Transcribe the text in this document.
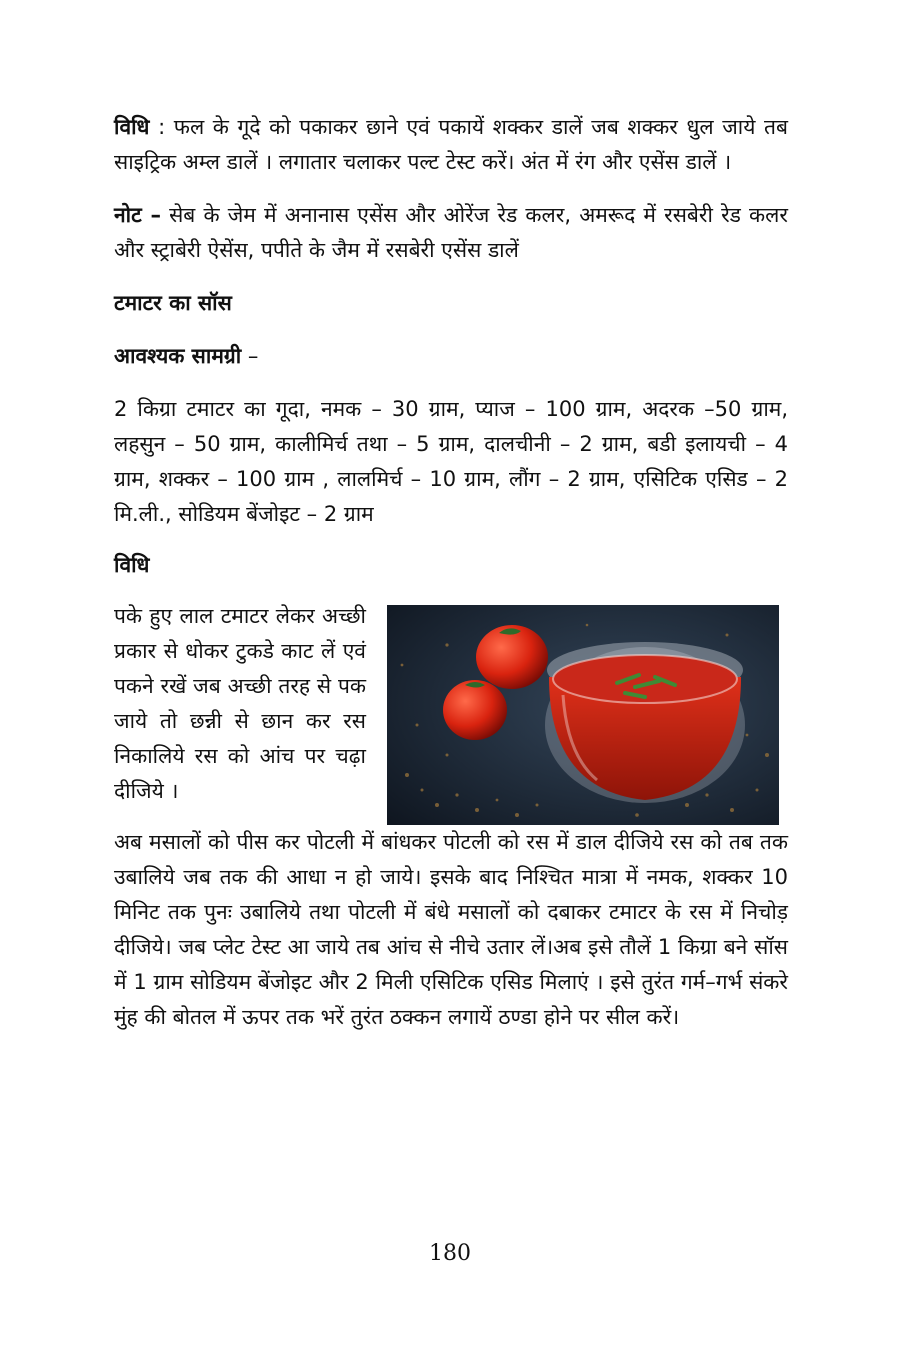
विधि : फल के गूदे को पकाकर छाने एवं पकायें शक्कर डालें जब शक्कर धुल जाये तब साइट्रिक अम्ल डालें । लगातार चलाकर पल्ट टेस्ट करें। अंत में रंग और एसेंस डालें ।

नोट – सेब के जेम में अनानास एसेंस और ओरेंज रेड कलर, अमरूद में रसबेरी रेड कलर और स्ट्राबेरी ऐसेंस, पपीते के जैम में रसबेरी एसेंस डालें

टमाटर का सॉस
आवश्यक सामग्री –

2 किग्रा टमाटर का गूदा, नमक – 30 ग्राम, प्याज – 100 ग्राम, अदरक –50 ग्राम, लहसुन – 50 ग्राम, कालीमिर्च तथा – 5 ग्राम, दालचीनी – 2 ग्राम, बडी इलायची – 4 ग्राम, शक्कर – 100 ग्राम , लालमिर्च – 10 ग्राम, लौंग – 2 ग्राम, एसिटिक एसिड – 2 मि.ली., सोडियम बेंजोइट – 2 ग्राम

विधि

पके हुए लाल टमाटर लेकर अच्छी प्रकार से धोकर टुकडे काट लें एवं पकने रखें जब अच्छी तरह से पक जाये तो छन्नी से छान कर रस निकालिये रस को आंच पर चढ़ा दीजिये ।

अब मसालों को पीस कर पोटली में बांधकर पोटली को रस में डाल दीजिये रस को तब तक उबालिये जब तक की आधा न हो जाये। इसके बाद निश्चित मात्रा में नमक, शक्कर 10 मिनिट तक पुनः उबालिये तथा पोटली में बंधे मसालों को दबाकर टमाटर के रस में निचोड़ दीजिये। जब प्लेट टेस्ट आ जाये तब आंच से नीचे उतार लें।अब इसे तौलें 1 किग्रा बने सॉस में 1 ग्राम सोडियम बेंजोइट और 2 मिली एसिटिक एसिड मिलाएं । इसे तुरंत गर्म–गर्भ संकरे मुंह की बोतल में ऊपर तक भरें तुरंत ठक्कन लगायें ठण्डा होने पर सील करें।

180
